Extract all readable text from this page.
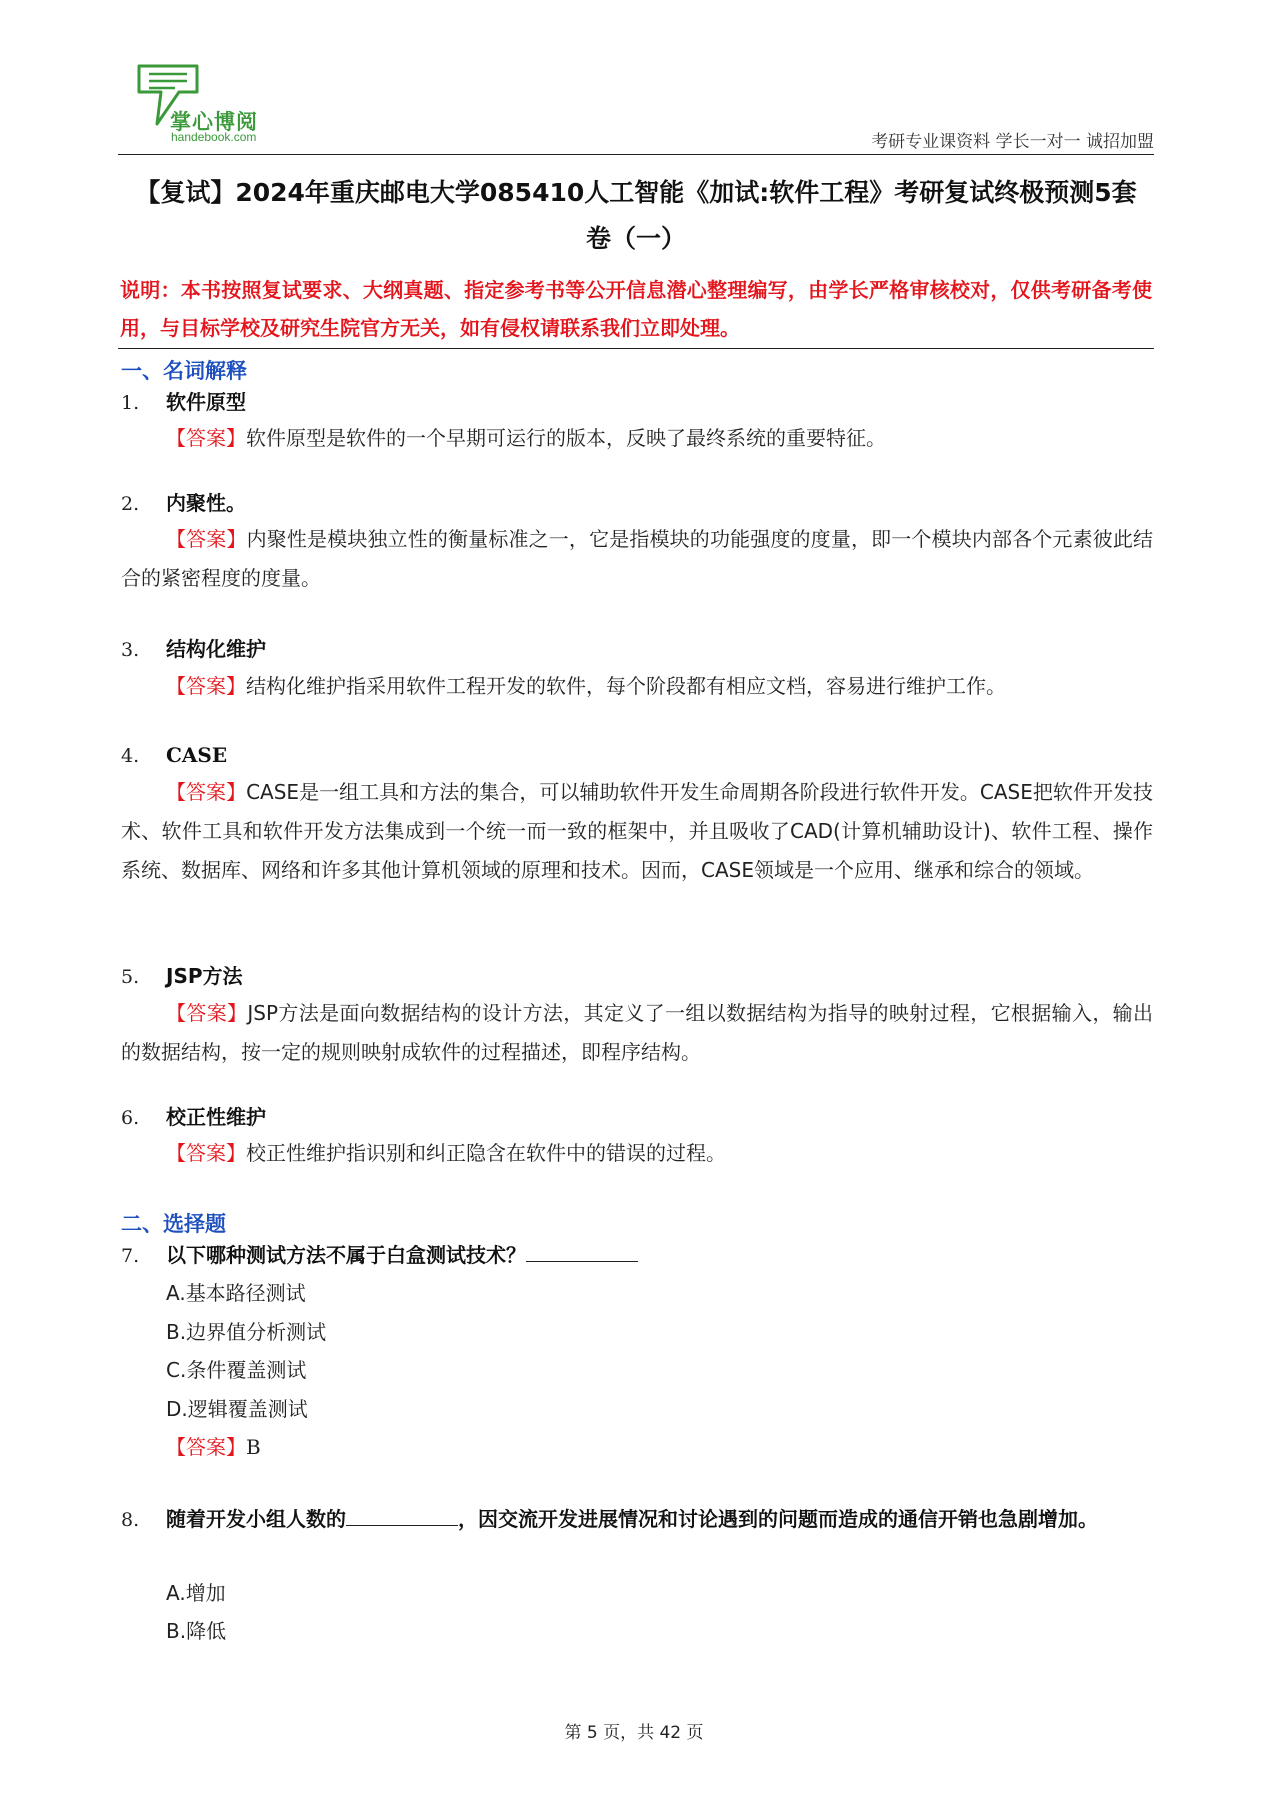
掌心博阅
handebook.com	考研专业课资料 学长一对一 诚招加盟
【复试】2024年重庆邮电大学085410人工智能《加试:软件工程》考研复试终极预测5套
卷（一）
说明：本书按照复试要求、大纲真题、指定参考书等公开信息潜心整理编写，由学长严格审核校对，仅供考研备考使用，与目标学校及研究生院官方无关，如有侵权请联系我们立即处理。
一、名词解释
1. 软件原型
【答案】软件原型是软件的一个早期可运行的版本，反映了最终系统的重要特征。
2. 内聚性。
【答案】内聚性是模块独立性的衡量标准之一，它是指模块的功能强度的度量，即一个模块内部各个元素彼此结合的紧密程度的度量。
3. 结构化维护
【答案】结构化维护指采用软件工程开发的软件，每个阶段都有相应文档，容易进行维护工作。
4. CASE
【答案】CASE是一组工具和方法的集合，可以辅助软件开发生命周期各阶段进行软件开发。CASE把软件开发技术、软件工具和软件开发方法集成到一个统一而一致的框架中，并且吸收了CAD(计算机辅助设计)、软件工程、操作系统、数据库、网络和许多其他计算机领域的原理和技术。因而，CASE领域是一个应用、继承和综合的领域。
5. JSP方法
【答案】JSP方法是面向数据结构的设计方法，其定义了一组以数据结构为指导的映射过程，它根据输入，输出的数据结构，按一定的规则映射成软件的过程描述，即程序结构。
6. 校正性维护
【答案】校正性维护指识别和纠正隐含在软件中的错误的过程。
二、选择题
7. 以下哪种测试方法不属于白盒测试技术？
A.基本路径测试
B.边界值分析测试
C.条件覆盖测试
D.逻辑覆盖测试
【答案】B
8. 随着开发小组人数的	，因交流开发进展情况和讨论遇到的问题而造成的通信开销也急剧增加。
A.增加
B.降低
第 5 页，共 42 页
